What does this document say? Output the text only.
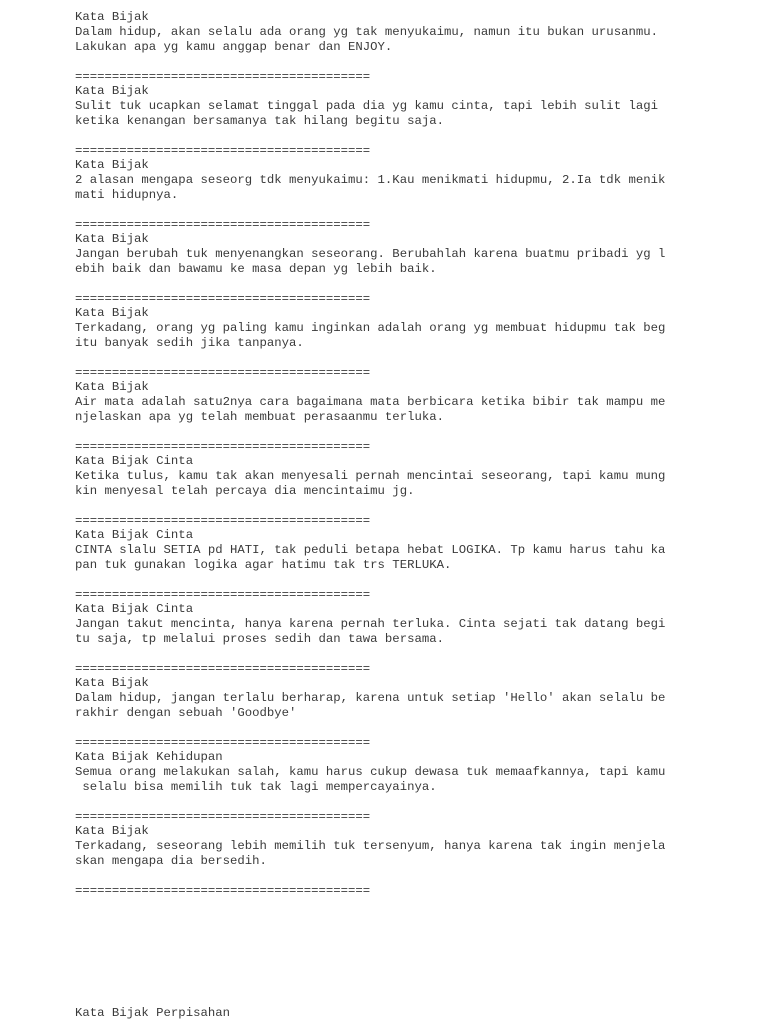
Kata Bijak
Dalam hidup, akan selalu ada orang yg tak menyukaimu, namun itu bukan urusanmu.
Lakukan apa yg kamu anggap benar dan ENJOY.
========================================
Kata Bijak
Sulit tuk ucapkan selamat tinggal pada dia yg kamu cinta, tapi lebih sulit lagi
ketika kenangan bersamanya tak hilang begitu saja.
========================================
Kata Bijak
2 alasan mengapa seseorg tdk menyukaimu: 1.Kau menikmati hidupmu, 2.Ia tdk menik
mati hidupnya.
========================================
Kata Bijak
Jangan berubah tuk menyenangkan seseorang. Berubahlah karena buatmu pribadi yg l
ebih baik dan bawamu ke masa depan yg lebih baik.
========================================
Kata Bijak
Terkadang, orang yg paling kamu inginkan adalah orang yg membuat hidupmu tak beg
itu banyak sedih jika tanpanya.
========================================
Kata Bijak
Air mata adalah satu2nya cara bagaimana mata berbicara ketika bibir tak mampu me
njelaskan apa yg telah membuat perasaanmu terluka.
========================================
Kata Bijak Cinta
Ketika tulus, kamu tak akan menyesali pernah mencintai seseorang, tapi kamu mung
kin menyesal telah percaya dia mencintaimu jg.
========================================
Kata Bijak Cinta
CINTA slalu SETIA pd HATI, tak peduli betapa hebat LOGIKA. Tp kamu harus tahu ka
pan tuk gunakan logika agar hatimu tak trs TERLUKA.
========================================
Kata Bijak Cinta
Jangan takut mencinta, hanya karena pernah terluka. Cinta sejati tak datang begi
tu saja, tp melalui proses sedih dan tawa bersama.
========================================
Kata Bijak
Dalam hidup, jangan terlalu berharap, karena untuk setiap 'Hello' akan selalu be
rakhir dengan sebuah 'Goodbye'
========================================
Kata Bijak Kehidupan
Semua orang melakukan salah, kamu harus cukup dewasa tuk memaafkannya, tapi kamu
selalu bisa memilih tuk tak lagi mempercayainya.
========================================
Kata Bijak
Terkadang, seseorang lebih memilih tuk tersenyum, hanya karena tak ingin menjela
skan mengapa dia bersedih.
========================================
Kata Bijak Perpisahan
